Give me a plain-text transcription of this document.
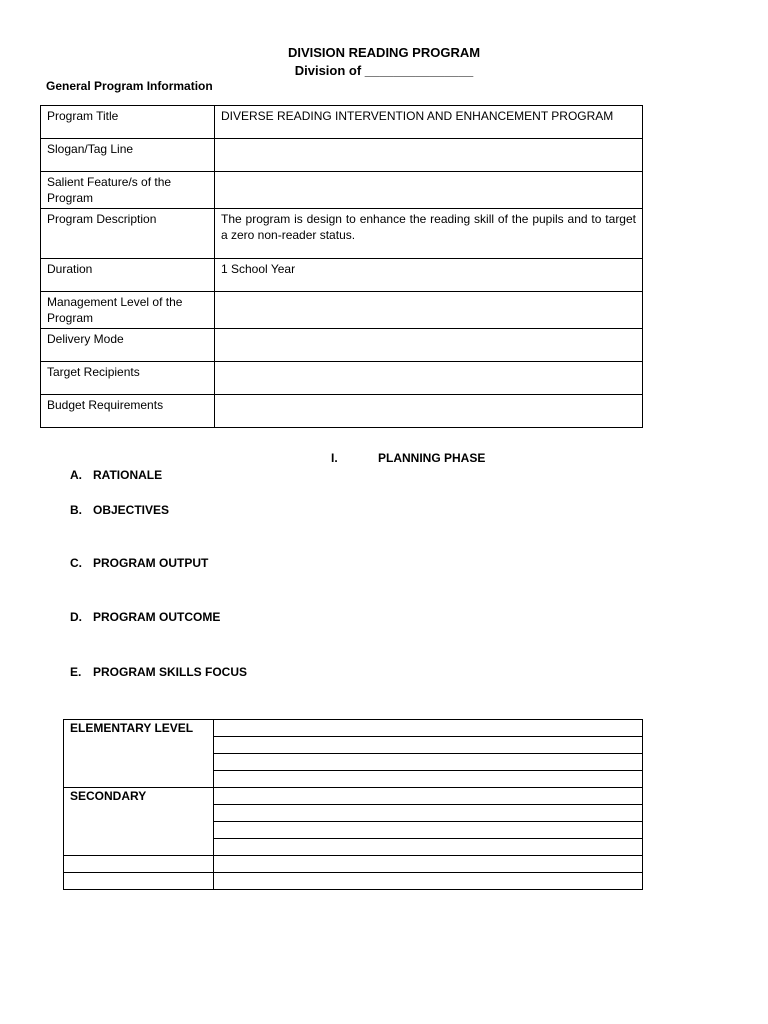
DIVISION READING PROGRAM
Division of _______________
General Program Information
Program Title	DIVERSE READING INTERVENTION AND ENHANCEMENT PROGRAM
Slogan/Tag Line	
Salient Feature/s of the Program	
Program Description	The program is design to enhance the reading skill of the pupils and to target a zero non-reader status.
Duration	1 School Year
Management Level of the Program	
Delivery Mode	
Target Recipients	
Budget Requirements	
I.	PLANNING PHASE
A. RATIONALE
B. OBJECTIVES
C. PROGRAM OUTPUT
D. PROGRAM OUTCOME
E. PROGRAM SKILLS FOCUS
ELEMENTARY LEVEL	

SECONDARY	
